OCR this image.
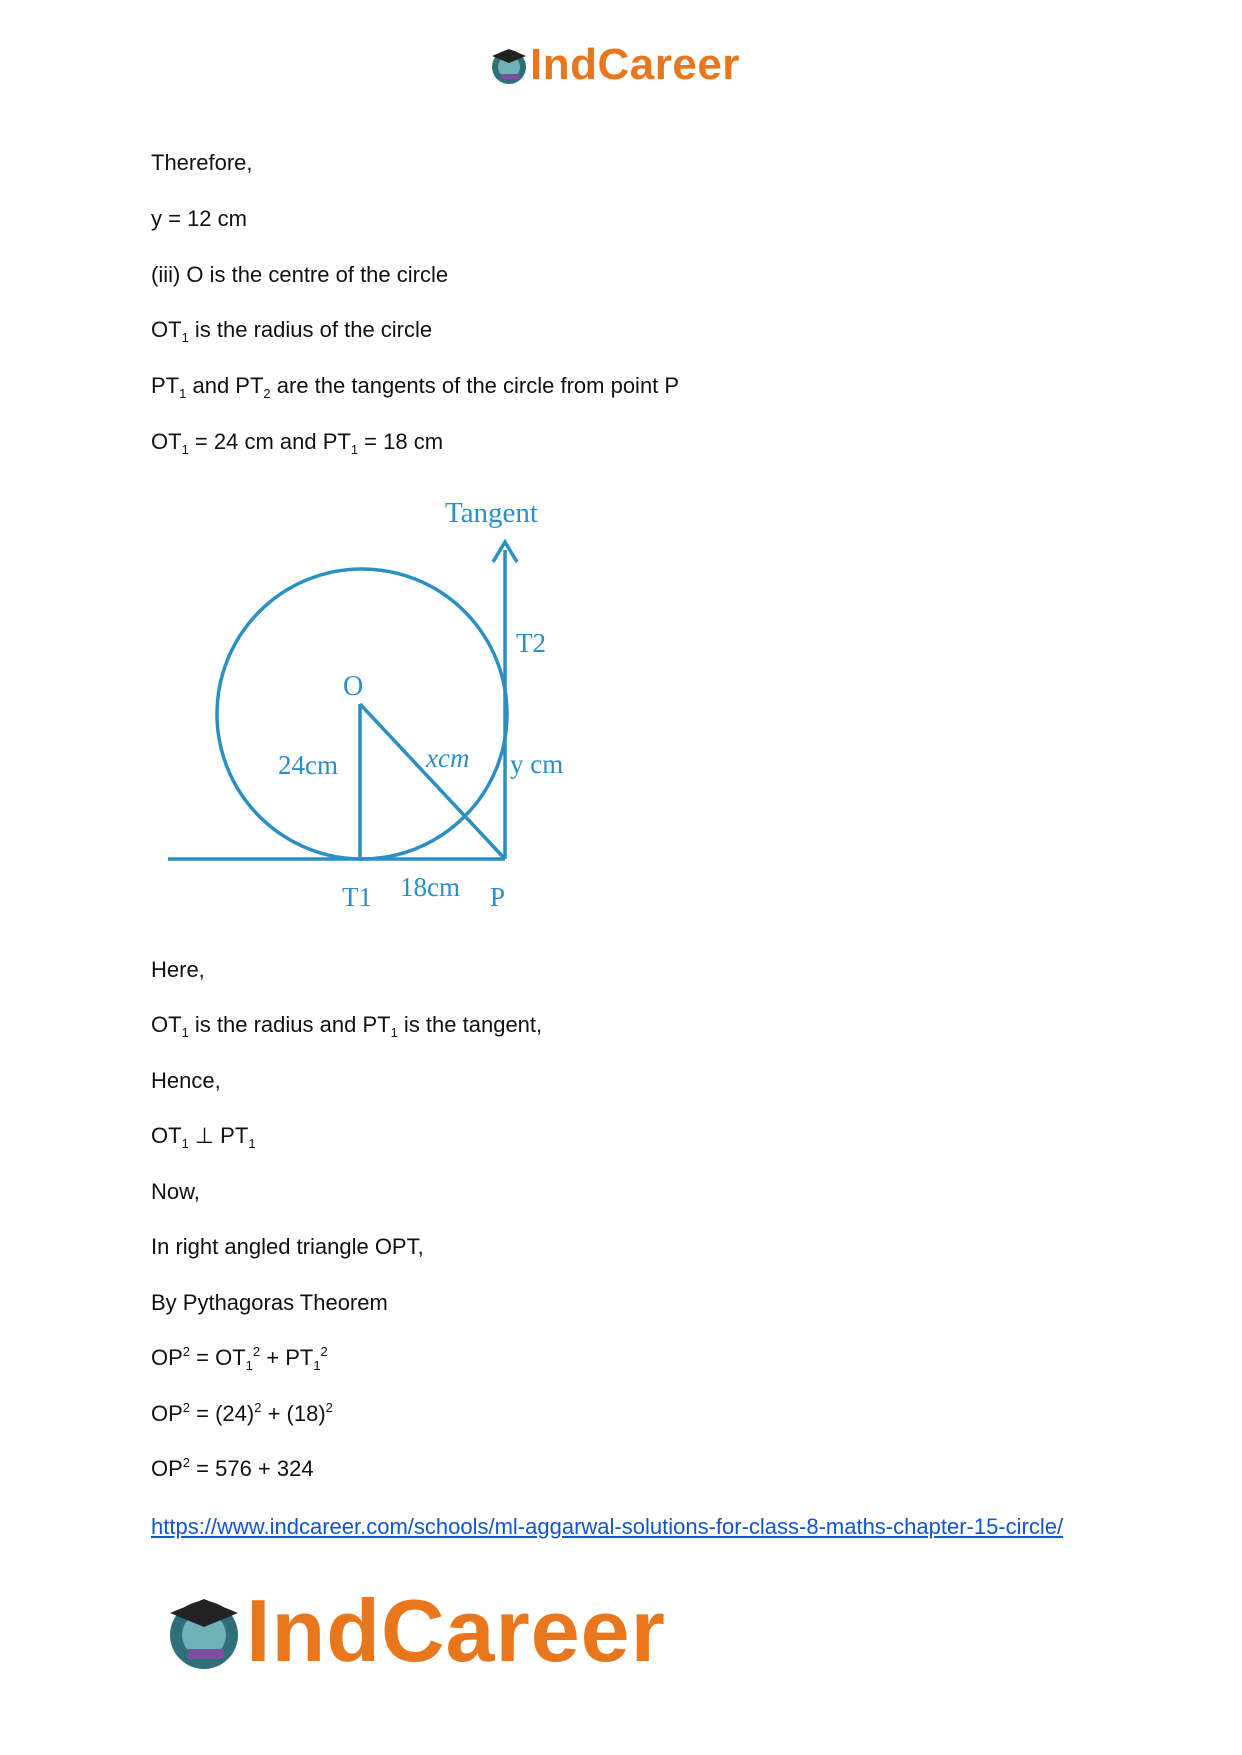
IndCareer
Therefore,
y = 12 cm
(iii) O is the centre of the circle
$OT_1$ is the radius of the circle
$PT_1$ and $PT_2$ are the tangents of the circle from point P
$OT_1 = 24$ cm and $PT_1 = 18$ cm
Tangent
T2
O
24cm	xcm y cm
T1 18cm P
Here,
$OT_1$ is the radius and $PT_1$ is the tangent,
Hence,
$OT_1$ ⊥ $PT_1$
Now,
In right angled triangle OPT,
By Pythagoras Theorem
$OP^2 = OT_1^2 + PT_1^2$
$OP^2 = (24)^2 + (18)^2$
$OP^2 = 576 + 324$
https://www.indcareer.com/schools/ml-aggarwal-solutions-for-class-8-maths-chapter-15-circle/
IndCareer
